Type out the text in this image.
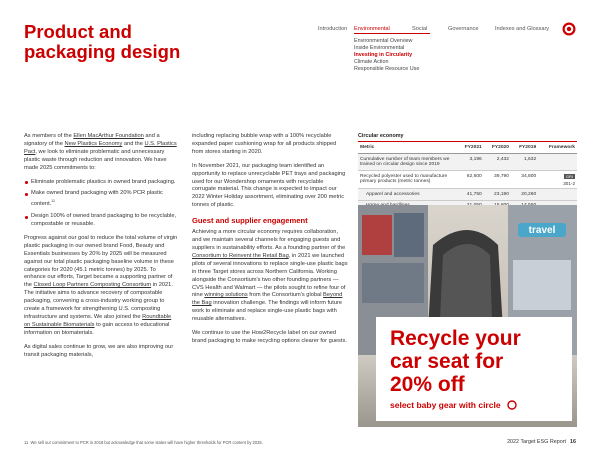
Product and
packaging design
Introduction Environmental	Social	Governance	Indexes and Glossary
Environmental Overview
Inside Environmental
Investing in Circularity
Climate Action
Responsible Resource Use

As members of the Ellen MacArthur Foundation and a signatory of the New Plastics Economy and the U.S. Plastics Pact, we look to eliminate problematic and unnecessary plastic waste through reduction and innovation. We have made 2025 commitments to:

Eliminate problematic plastics in owned brand packaging.
Make owned brand packaging with 20% PCR plastic content.$^{11}$
Design 100% of owned brand packaging to be recyclable, compostable or reusable.

Progress against our goal to reduce the total volume of virgin plastic packaging in our owned brand Food, Beauty and Essentials businesses by 20% by 2025 will be measured against our total plastic packaging baseline volume in these categories for 2020 (45.1 metric tonnes) by 2025. To enhance our efforts, Target became a supporting partner of the Closed Loop Partners Composting Consortium in 2021. The initiative aims to advance recovery of compostable packaging, convening a cross-industry working group to create a framework for strengthening U.S. composting infrastructure and systems. We also joined the Roundtable on Sustainable Biomaterials to gain access to educational information on biomaterials.

As digital sales continue to grow, we are also improving our transit packaging materials,

including replacing bubble wrap with a 100% recyclable expanded paper cushioning wrap for all products shipped from stores starting in 2020.

In November 2021, our packaging team identified an opportunity to replace unrecyclable PET trays and packaging used for our Wondershop ornaments with recyclable corrugate material. This change is expected to impact our 2022 Winter Holiday assortment, eliminating over 200 metric tonnes of plastic.

Guest and supplier engagement

Achieving a more circular economy requires collaboration, and we maintain several channels for engaging guests and suppliers in sustainability efforts. As a founding partner of the Consortium to Reinvent the Retail Bag, in 2021 we launched pilots of several innovations to replace single-use plastic bags in three Target stores across Northern California. Working alongside the Consortium's two other founding partners — CVS Health and Walmart — the pilots sought to refine four of nine winning solutions from the Consortium's global Beyond the Bag innovation challenge. The findings will inform future work to eliminate and replace single-use plastic bags with reusable alternatives.

We continue to use the How2Recycle label on our owned brand packaging to make recycling options clearer for guests.

Circular economy
Metric	FY2021	FY2020	FY2019	Framework
Cumulative number of team members we trained on circular design since 2019	3,196	2,432	1,632	
Recycled polyester used to manufacture primary products (metric tonnes)	62,600	39,790	34,800	GRI
301-2

Apparel and accessories	41,750	23,190	20,260	

travel
Recycle your
car seat for
20% off
select baby gear with circle
11 We sell our commitment to PCR in 2018 but acknowledge that some states will have higher thresholds for PCR content by 2025.	2022 Target ESG Report 16
